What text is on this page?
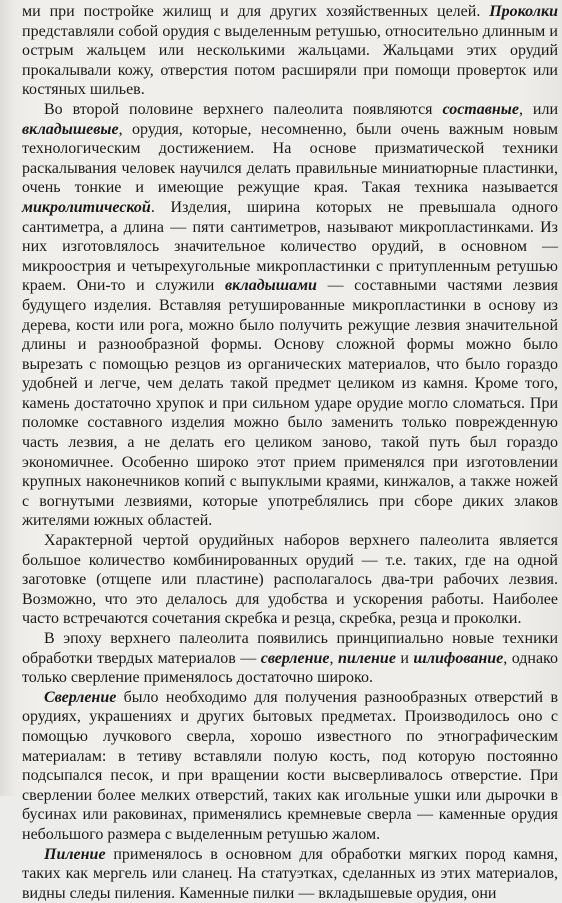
ми при постройке жилищ и для других хозяйственных целей. Проколки представляли собой орудия с выделенным ретушью, относительно длинным и острым жальцем или несколькими жальцами. Жальцами этих орудий прокалывали кожу, отверстия потом расширяли при помощи проверток или костяных шильев.

Во второй половине верхнего палеолита появляются составные, или вкладышевые, орудия, которые, несомненно, были очень важным новым технологическим достижением. На основе призматической техники раскалывания человек научился делать правильные миниатюрные пластинки, очень тонкие и имеющие режущие края. Такая техника называется микролитической. Изделия, ширина которых не превышала одного сантиметра, а длина — пяти сантиметров, называют микропластинками. Из них изготовлялось значительное количество орудий, в основном — микроострия и четырехугольные микропластинки с притупленным ретушью краем. Они-то и служили вкладышами — составными частями лезвия будущего изделия. Вставляя ретушированные микропластинки в основу из дерева, кости или рога, можно было получить режущие лезвия значительной длины и разнообразной формы. Основу сложной формы можно было вырезать с помощью резцов из органических материалов, что было гораздо удобней и легче, чем делать такой предмет целиком из камня. Кроме того, камень достаточно хрупок и при сильном ударе орудие могло сломаться. При поломке составного изделия можно было заменить только поврежденную часть лезвия, а не делать его целиком заново, такой путь был гораздо экономичнее. Особенно широко этот прием применялся при изготовлении крупных наконечников копий с выпуклыми краями, кинжалов, а также ножей с вогнутыми лезвиями, которые употреблялись при сборе диких злаков жителями южных областей.

Характерной чертой орудийных наборов верхнего палеолита является большое количество комбинированных орудий — т.е. таких, где на одной заготовке (отщепе или пластине) располагалось два-три рабочих лезвия. Возможно, что это делалось для удобства и ускорения работы. Наиболее часто встречаются сочетания скребка и резца, скребка, резца и проколки.

В эпоху верхнего палеолита появились принципиально новые техники обработки твердых материалов — сверление, пиление и шлифование, однако только сверление применялось достаточно широко.

Сверление было необходимо для получения разнообразных отверстий в орудиях, украшениях и других бытовых предметах. Производилось оно с помощью лучкового сверла, хорошо известного по этнографическим материалам: в тетиву вставляли полую кость, под которую постоянно подсыпался песок, и при вращении кости высверливалось отверстие. При сверлении более мелких отверстий, таких как игольные ушки или дырочки в бусинах или раковинах, применялись кремневые сверла — каменные орудия небольшого размера с выделенным ретушью жалом.

Пиление применялось в основном для обработки мягких пород камня, таких как мергель или сланец. На статуэтках, сделанных из этих материалов, видны следы пиления. Каменные пилки — вкладышевые орудия, они
